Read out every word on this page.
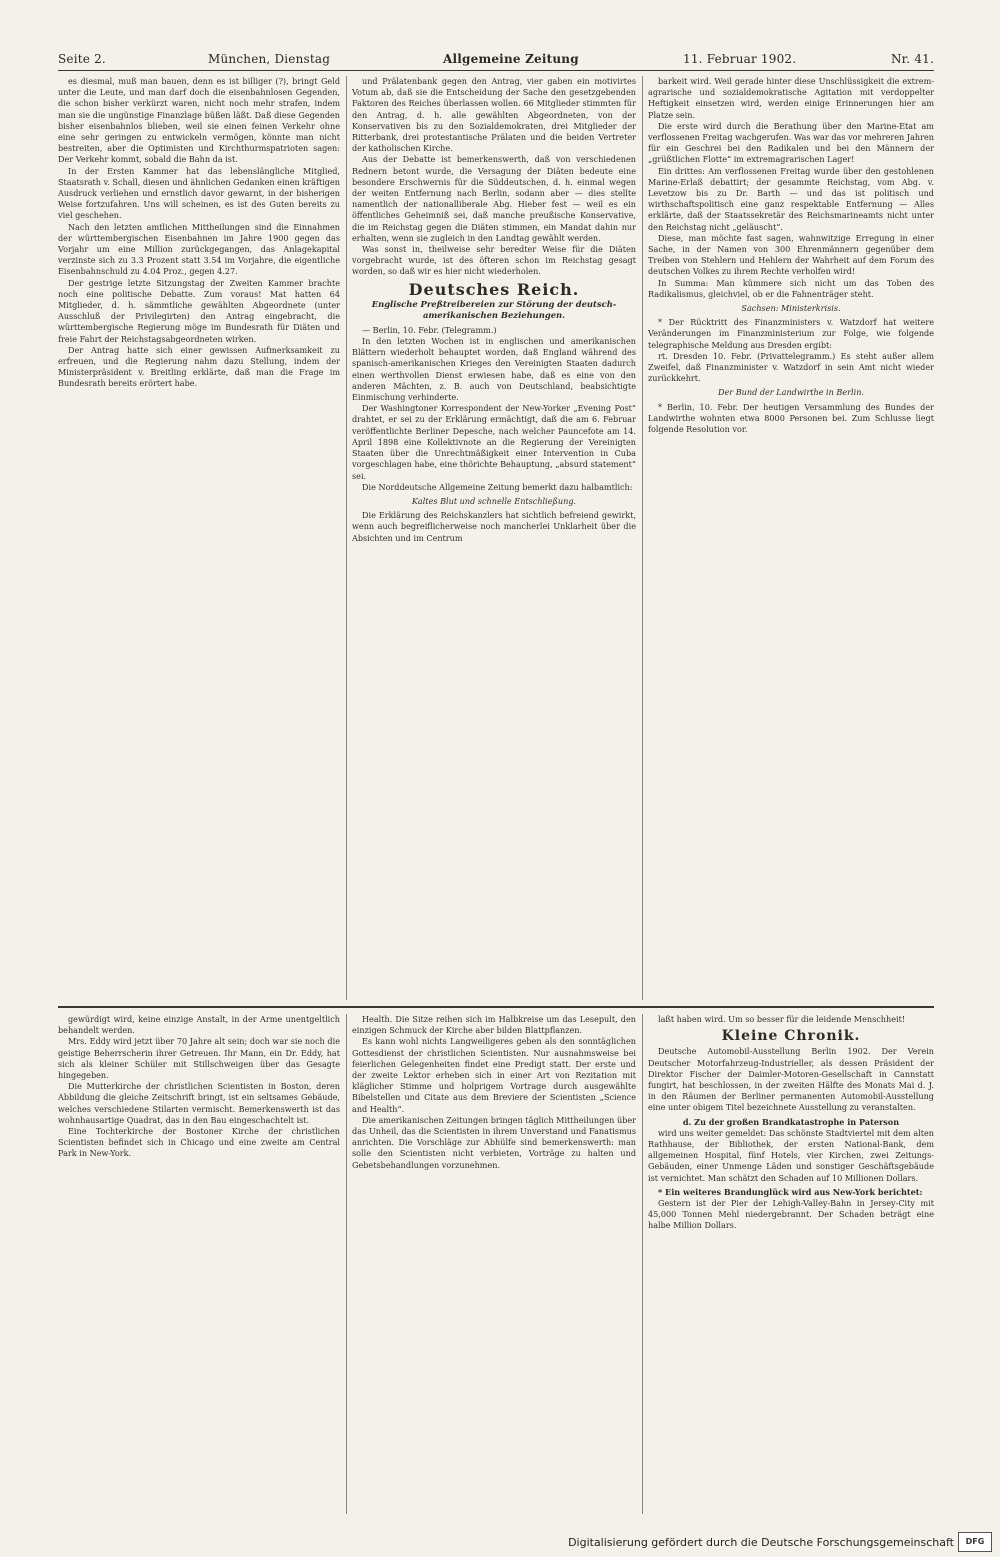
Seite 2.	München, Dienstag	Allgemeine Zeitung	11. Februar 1902.	Nr. 41.

es diesmal, muß man bauen, denn es ist billiger (?), bringt Geld unter die Leute, und man darf doch die eisenbahnlosen Gegenden, die schon bisher verkürzt waren, nicht noch mehr strafen, indem man sie die ungünstige Finanzlage büßen läßt. Daß diese Gegenden bisher eisenbahnlos blieben, weil sie einen feinen Verkehr ohne eine sehr geringen zu entwickeln vermögen, könnte man nicht bestreiten, aber die Optimisten und Kirchthurmspatrioten sagen: Der Verkehr kommt, sobald die Bahn da ist.

In der Ersten Kammer hat das lebenslängliche Mitglied, Staatsrath v. Schall, diesen und ähnlichen Gedanken einen kräftigen Ausdruck verliehen und ernstlich davor gewarnt, in der bisherigen Weise fortzufahren. Uns will scheinen, es ist des Guten bereits zu viel geschehen.

Nach den letzten amtlichen Mittheilungen sind die Einnahmen der württembergischen Eisenbahnen im Jahre 1900 gegen das Vorjahr um eine Million zurückgegangen, das Anlagekapital verzinste sich zu 3.3 Prozent statt 3.54 im Vorjahre, die eigentliche Eisenbahnschuld zu 4.04 Proz., gegen 4.27.

Der gestrige letzte Sitzungstag der Zweiten Kammer brachte noch eine politische Debatte. Zum voraus! Mat hatten 64 Mitglieder, d. h. sämmtliche gewählten Abgeordnete (unter Ausschluß der Privilegirten) den Antrag eingebracht, die württembergische Regierung möge im Bundesrath für Diäten und freie Fahrt der Reichstagsabgeordneten wirken.

Der Antrag hatte sich einer gewissen Aufmerksamkeit zu erfreuen, und die Regierung nahm dazu Stellung, indem der Ministerpräsident v. Breitling erklärte, daß man die Frage im Bundesrath bereits erörtert habe.

und Prälatenbank gegen den Antrag, vier gaben ein motivirtes Votum ab, daß sie die Entscheidung der Sache den gesetzgebenden Faktoren des Reiches überlassen wollen. 66 Mitglieder stimmten für den Antrag, d. h. alle gewählten Abgeordneten, von der Konservativen bis zu den Sozialdemokraten, drei Mitglieder der Ritterbank, drei protestantische Prälaten und die beiden Vertreter der katholischen Kirche.

Aus der Debatte ist bemerkenswerth, daß von verschiedenen Rednern betont wurde, die Versagung der Diäten bedeute eine besondere Erschwernis für die Süddeutschen, d. h. einmal wegen der weiten Entfernung nach Berlin, sodann aber — dies stellte namentlich der nationalliberale Abg. Hieber fest — weil es ein öffentliches Geheimniß sei, daß manche preußische Konservative, die im Reichstag gegen die Diäten stimmen, ein Mandat dahin nur erhalten, wenn sie zugleich in den Landtag gewählt werden.

Was sonst in, theilweise sehr beredter Weise für die Diäten vorgebracht wurde, ist des öfteren schon im Reichstag gesagt worden, so daß wir es hier nicht wiederholen.

Deutsches Reich.
Englische Preßtreibereien zur Störung der deutsch-amerikanischen Beziehungen.

— Berlin, 10. Febr. (Telegramm.)

In den letzten Wochen ist in englischen und amerikanischen Blättern wiederholt behauptet worden, daß England während des spanisch-amerikanischen Krieges den Vereinigten Staaten dadurch einen werthvollen Dienst erwiesen habe, daß es eine von den anderen Mächten, z. B. auch von Deutschland, beabsichtigte Einmischung verhinderte.

Der Washingtoner Korrespondent der New-Yorker „Evening Post“ drahtet, er sei zu der Erklärung ermächtigt, daß die am 6. Februar veröffentlichte Berliner Depesche, nach welcher Pauncefote am 14. April 1898 eine Kollektivnote an die Regierung der Vereinigten Staaten über die Unrechtmäßigkeit einer Intervention in Cuba vorgeschlagen habe, eine thörichte Behauptung, „absurd statement“ sei.

Die Norddeutsche Allgemeine Zeitung bemerkt dazu halbamtlich:

Kaltes Blut und schnelle Entschließung.

Die Erklärung des Reichskanzlers hat sichtlich befreiend gewirkt, wenn auch begreiflicherweise noch mancherlei Unklarheit über die Absichten und im Centrum

barkeit wird. Weil gerade hinter diese Unschlüssigkeit die extrem-agrarische und sozialdemokratische Agitation mit verdoppelter Heftigkeit einsetzen wird, werden einige Erinnerungen hier am Platze sein.

Die erste wird durch die Berathung über den Marine-Etat am verflossenen Freitag wachgerufen. Was war das vor mehreren Jahren für ein Geschrei bei den Radikalen und bei den Männern der „grüßtlichen Flotte“ im extremagrarischen Lager!

Ein drittes: Am verflossenen Freitag wurde über den gestohlenen Marine-Erlaß debattirt; der gesammte Reichstag, vom Abg. v. Levetzow bis zu Dr. Barth — und das ist politisch und wirthschaftspolitisch eine ganz respektable Entfernung — Alles erklärte, daß der Staatssekretär des Reichsmarineamts nicht unter den Reichstag nicht „geläuscht“.

Diese, man möchte fast sagen, wahnwitzige Erregung in einer Sache, in der Namen von 300 Ehrenmännern gegenüber dem Treiben von Stehlern und Hehlern der Wahrheit auf dem Forum des deutschen Volkes zu ihrem Rechte verholfen wird!

In Summa: Man kümmere sich nicht um das Toben des Radikalismus, gleichviel, ob er die Fahnenträger steht.

Sachsen: Ministerkrisis.

* Der Rücktritt des Finanzministers v. Watzdorf hat weitere Veränderungen im Finanzministerium zur Folge, wie folgende telegraphische Meldung aus Dresden ergibt:

rt. Dresden 10. Febr. (Privattelegramm.) Es steht außer allem Zweifel, daß Finanzminister v. Watzdorf in sein Amt nicht wieder zurückkehrt.

Der Bund der Landwirthe in Berlin.

* Berlin, 10. Febr. Der heutigen Versammlung des Bundes der Landwirthe wohnten etwa 8000 Personen bei. Zum Schlusse liegt folgende Resolution vor.

gewürdigt wird, keine einzige Anstalt, in der Arme unentgeltlich behandelt werden.

Mrs. Eddy wird jetzt über 70 Jahre alt sein; doch war sie noch die geistige Beherrscherin ihrer Getreuen. Ihr Mann, ein Dr. Eddy, hat sich als kleiner Schüler mit Stillschweigen über das Gesagte hingegeben.

Die Mutterkirche der christlichen Scientisten in Boston, deren Abbildung die gleiche Zeitschrift bringt, ist ein seltsames Gebäude, welches verschiedene Stilarten vermischt. Bemerkenswerth ist das wohnhausartige Quadrat, das in den Bau eingeschachtelt ist.

Eine Tochterkirche der Bostoner Kirche der christlichen Scientisten befindet sich in Chicago und eine zweite am Central Park in New-York.

Health. Die Sitze reihen sich im Halbkreise um das Lesepult, den einzigen Schmuck der Kirche aber bilden Blattpflanzen.

Es kann wohl nichts Langweiligeres geben als den sonntäglichen Gottesdienst der christlichen Scientisten. Nur ausnahmsweise bei feierlichen Gelegenheiten findet eine Predigt statt. Der erste und der zweite Lektor erheben sich in einer Art von Rezitation mit kläglicher Stimme und holprigem Vortrage durch ausgewählte Bibelstellen und Citate aus dem Breviere der Scientisten „Science and Health“.

Die amerikanischen Zeitungen bringen täglich Mittheilungen über das Unheil, das die Scientisten in ihrem Unverstand und Fanatismus anrichten. Die Vorschläge zur Abhülfe sind bemerkenswerth: man solle den Scientisten nicht verbieten, Vorträge zu halten und Gebetsbehandlungen vorzunehmen.

laßt haben wird. Um so besser für die leidende Menschheit!

Kleine Chronik.

Deutsche Automobil-Ausstellung Berlin 1902. Der Verein Deutscher Motorfahrzeug-Industrieller, als dessen Präsident der Direktor Fischer der Daimler-Motoren-Gesellschaft in Cannstatt fungirt, hat beschlossen, in der zweiten Hälfte des Monats Mai d. J. in den Räumen der Berliner permanenten Automobil-Ausstellung eine unter obigem Titel bezeichnete Ausstellung zu veranstalten.

d. Zu der großen Brandkatastrophe in Paterson

wird uns weiter gemeldet: Das schönste Stadtviertel mit dem alten Rathhause, der Bibliothek, der ersten National-Bank, dem allgemeinen Hospital, fünf Hotels, vier Kirchen, zwei Zeitungs-Gebäuden, einer Unmenge Läden und sonstiger Geschäftsgebäude ist vernichtet. Man schätzt den Schaden auf 10 Millionen Dollars.

* Ein weiteres Brandunglück wird aus New-York berichtet:

Gestern ist der Pier der Lehigh-Valley-Bahn in Jersey-City mit 45,000 Tonnen Mehl niedergebrannt. Der Schaden beträgt eine halbe Million Dollars.

Digitalisierung gefördert durch die Deutsche Forschungsgemeinschaft	DFG
